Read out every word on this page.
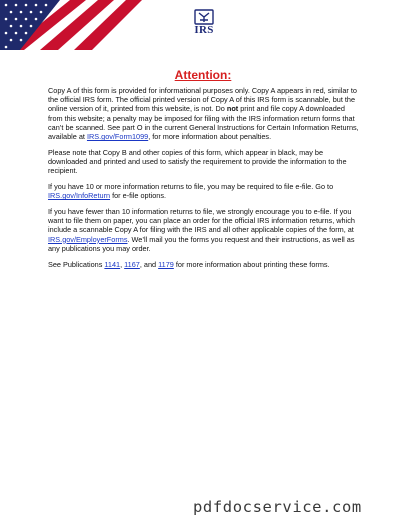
IRS
Attention:

Copy A of this form is provided for informational purposes only. Copy A appears in red, similar to the official IRS form. The official printed version of Copy A of this IRS form is scannable, but the online version of it, printed from this website, is not. Do not print and file copy A downloaded from this website; a penalty may be imposed for filing with the IRS information return forms that can’t be scanned. See part O in the current General Instructions for Certain Information Returns, available at IRS.gov/Form1099, for more information about penalties.

Please note that Copy B and other copies of this form, which appear in black, may be downloaded and printed and used to satisfy the requirement to provide the information to the recipient.

If you have 10 or more information returns to file, you may be required to file e-file. Go to IRS.gov/InfoReturn for e-file options.

If you have fewer than 10 information returns to file, we strongly encourage you to e-file. If you want to file them on paper, you can place an order for the official IRS information returns, which include a scannable Copy A for filing with the IRS and all other applicable copies of the form, at IRS.gov/EmployerForms. We’ll mail you the forms you request and their instructions, as well as any publications you may order.

See Publications 1141, 1167, and 1179 for more information about printing these forms.

pdfdocservice.com
